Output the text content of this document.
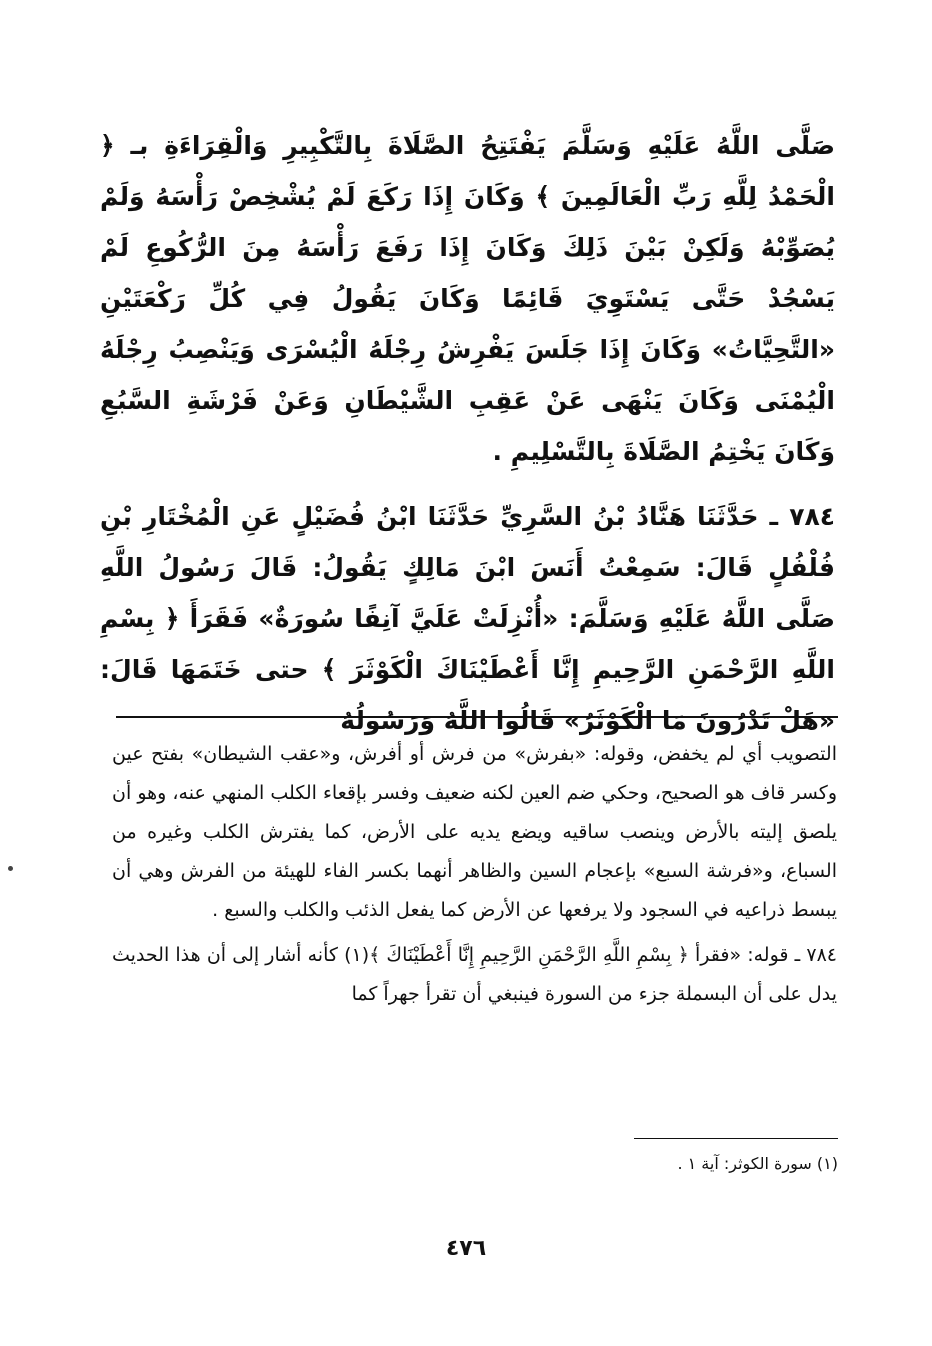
صَلَّى اللَّهُ عَلَيْهِ وَسَلَّمَ يَفْتَتِحُ الصَّلَاةَ بِالتَّكْبِيرِ وَالْقِرَاءَةِ بـ ﴿ الْحَمْدُ لِلَّهِ رَبِّ الْعَالَمِينَ ﴾ وَكَانَ إِذَا رَكَعَ لَمْ يُشْخِصْ رَأْسَهُ وَلَمْ يُصَوِّبْهُ وَلَكِنْ بَيْنَ ذَلِكَ وَكَانَ إِذَا رَفَعَ رَأْسَهُ مِنَ الرُّكُوعِ لَمْ يَسْجُدْ حَتَّى يَسْتَوِيَ قَائِمًا وَكَانَ يَقُولُ فِي كُلِّ رَكْعَتَيْنِ «التَّحِيَّاتُ» وَكَانَ إِذَا جَلَسَ يَفْرِشُ رِجْلَهُ الْيُسْرَى وَيَنْصِبُ رِجْلَهُ الْيُمْنَى وَكَانَ يَنْهَى عَنْ عَقِبِ الشَّيْطَانِ وَعَنْ فَرْشَةِ السَّبُعِ وَكَانَ يَخْتِمُ الصَّلَاةَ بِالتَّسْلِيمِ .

٧٨٤ ـ حَدَّثَنَا هَنَّادُ بْنُ السَّرِيِّ حَدَّثَنَا ابْنُ فُضَيْلٍ عَنِ الْمُخْتَارِ بْنِ فُلْفُلٍ قَالَ: سَمِعْتُ أَنَسَ ابْنَ مَالِكٍ يَقُولُ: قَالَ رَسُولُ اللَّهِ صَلَّى اللَّهُ عَلَيْهِ وَسَلَّمَ: «أُنْزِلَتْ عَلَيَّ آنِفًا سُورَةٌ» فَقَرَأَ ﴿ بِسْمِ اللَّهِ الرَّحْمَنِ الرَّحِيمِ إِنَّا أَعْطَيْنَاكَ الْكَوْثَرَ ﴾ حتى خَتَمَهَا قَالَ: «هَلْ تَدْرُونَ مَا الْكَوْثَرُ» قَالُوا اللَّهُ وَرَسُولُهُ

التصويب أي لم يخفض، وقوله: «بفرش» من فرش أو أفرش، و«عقب الشيطان» بفتح عين وكسر قاف هو الصحيح، وحكي ضم العين لكنه ضعيف وفسر بإقعاء الكلب المنهي عنه، وهو أن يلصق إليته بالأرض وينصب ساقيه ويضع يديه على الأرض، كما يفترش الكلب وغيره من السباع، و«فرشة السبع» بإعجام السين والظاهر أنهما بكسر الفاء للهيئة من الفرش وهي أن يبسط ذراعيه في السجود ولا يرفعها عن الأرض كما يفعل الذئب والكلب والسبع .

٧٨٤ ـ قوله: «فقرأ ﴿ بِسْمِ اللَّهِ الرَّحْمَنِ الرَّحِيمِ إِنَّا أَعْطَيْنَاكَ ﴾(١) كأنه أشار إلى أن هذا الحديث يدل على أن البسملة جزء من السورة فينبغي أن تقرأ جهراً كما

(١) سورة الكوثر: آية ١ .
٤٧٦
